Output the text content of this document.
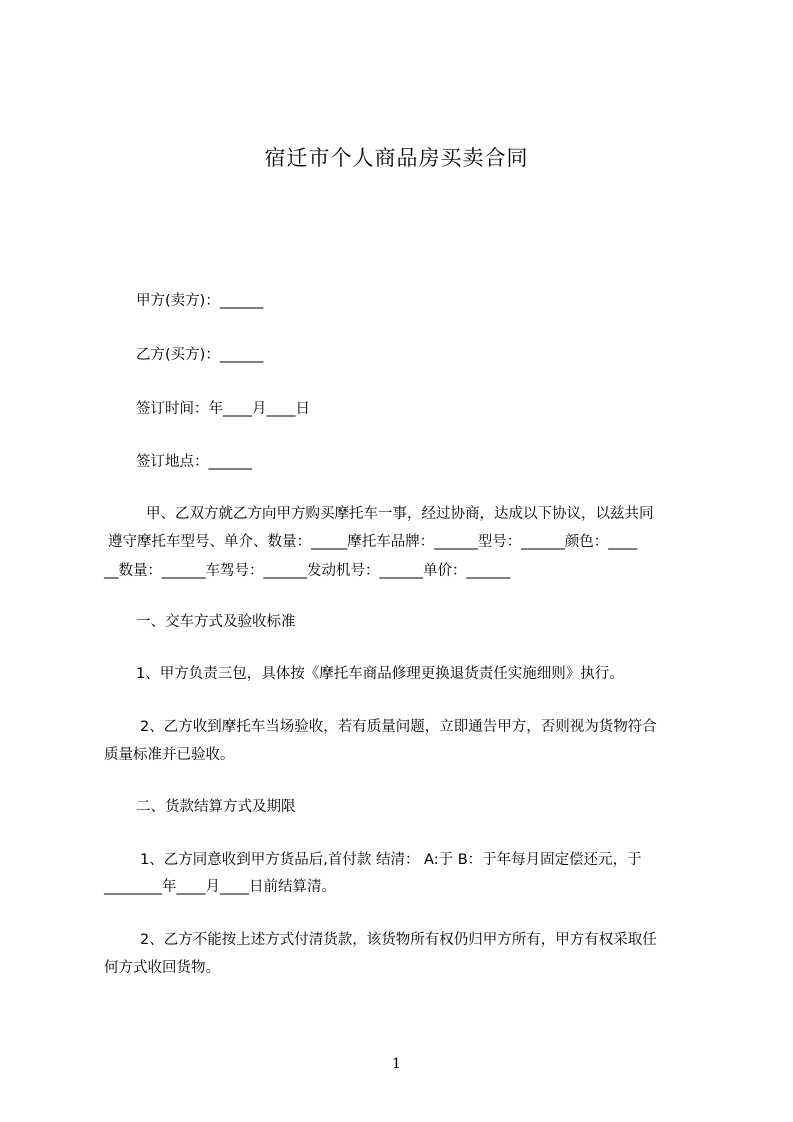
宿迁市个人商品房买卖合同
甲方(卖方)：______
乙方(买方)：______
签订时间：年____月____日
签订地点：______
甲、乙双方就乙方向甲方购买摩托车一事，经过协商，达成以下协议，以兹共同
遵守摩托车型号、单介、数量：_____摩托车品牌：______型号：______颜色：____
__数量：______车驾号：______发动机号：______单价：______
一、交车方式及验收标准
1、甲方负责三包，具体按《摩托车商品修理更换退货责任实施细则》执行。
2、乙方收到摩托车当场验收，若有质量问题，立即通告甲方，否则视为货物符合
质量标准并已验收。
二、货款结算方式及期限
1、乙方同意收到甲方货品后,首付款 结清： A:于 B：于年每月固定偿还元，于
________年____月____日前结算清。
2、乙方不能按上述方式付清货款，该货物所有权仍归甲方所有，甲方有权采取任
何方式收回货物。
1
